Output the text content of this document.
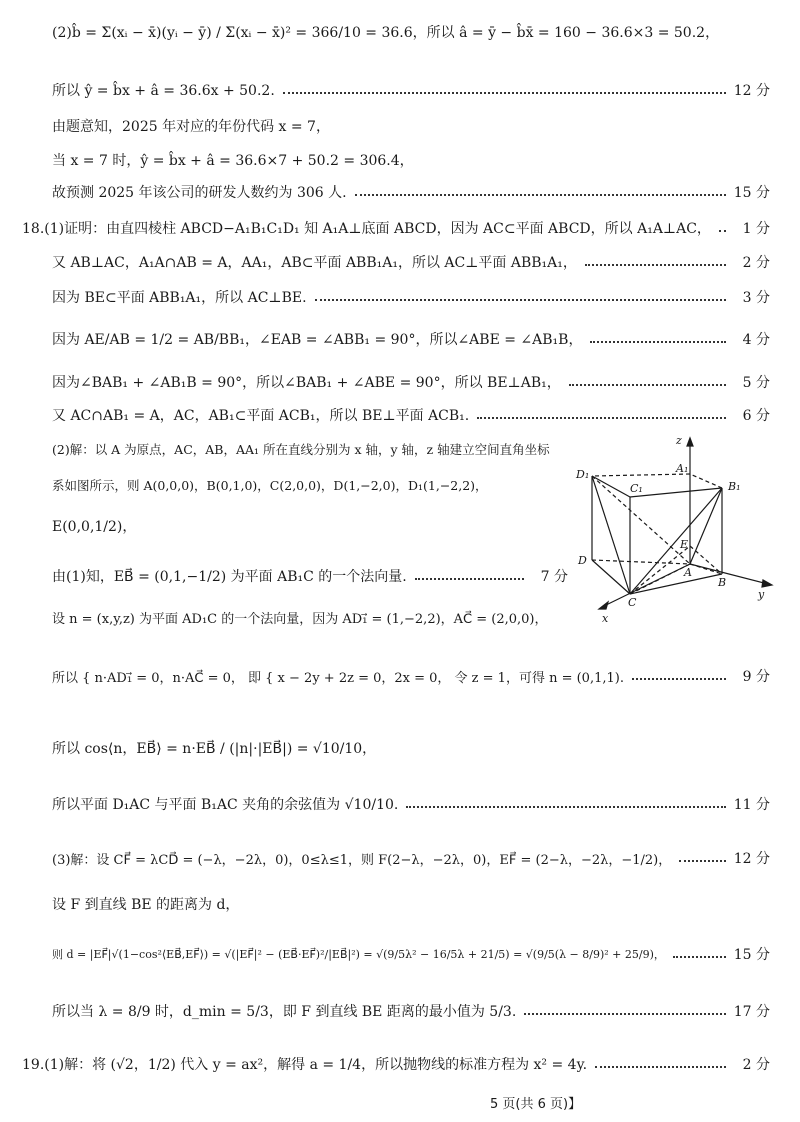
(2)b̂ = Σ(xᵢ − x̄)(yᵢ − ȳ) / Σ(xᵢ − x̄)² = 366/10 = 36.6，所以 â = ȳ − b̂x̄ = 160 − 36.6×3 = 50.2，
所以 ŷ = b̂x + â = 36.6x + 50.2.	12 分
由题意知，2025 年对应的年份代码 x = 7，
当 x = 7 时，ŷ = b̂x + â = 36.6×7 + 50.2 = 306.4，
故预测 2025 年该公司的研发人数约为 306 人.	15 分
18.(1)证明：由直四棱柱 ABCD−A₁B₁C₁D₁ 知 A₁A⊥底面 ABCD，因为 AC⊂平面 ABCD，所以 A₁A⊥AC，	1 分
又 AB⊥AC，A₁A∩AB = A，AA₁，AB⊂平面 ABB₁A₁，所以 AC⊥平面 ABB₁A₁，	2 分
因为 BE⊂平面 ABB₁A₁，所以 AC⊥BE.	3 分
因为 AE/AB = 1/2 = AB/BB₁，∠EAB = ∠ABB₁ = 90°，所以∠ABE = ∠AB₁B，	4 分
因为∠BAB₁ + ∠AB₁B = 90°，所以∠BAB₁ + ∠ABE = 90°，所以 BE⊥AB₁，	5 分
又 AC∩AB₁ = A，AC，AB₁⊂平面 ACB₁，所以 BE⊥平面 ACB₁.	6 分
(2)解：以 A 为原点，AC，AB，AA₁ 所在直线分别为 x 轴，y 轴，z 轴建立空间直角坐标
系如图所示，则 A(0,0,0)，B(0,1,0)，C(2,0,0)，D(1,−2,0)，D₁(1,−2,2)，
E(0,0,1/2)，
由(1)知，EB⃗ = (0,1,−1/2) 为平面 AB₁C 的一个法向量.	7 分
设 n = (x,y,z) 为平面 AD₁C 的一个法向量，因为 AD₁⃗ = (1,−2,2)，AC⃗ = (2,0,0)，
所以 { n·AD₁⃗ = 0，n·AC⃗ = 0， 即 { x − 2y + 2z = 0，2x = 0， 令 z = 1，可得 n = (0,1,1).	9 分
所以 cos⟨n，EB⃗⟩ = n·EB⃗ / (|n|·|EB⃗|) = √10/10，
所以平面 D₁AC 与平面 B₁AC 夹角的余弦值为 √10/10.	11 分
(3)解：设 CF⃗ = λCD⃗ = (−λ，−2λ，0)，0≤λ≤1，则 F(2−λ，−2λ，0)，EF⃗ = (2−λ，−2λ，−1/2)，	12 分
设 F 到直线 BE 的距离为 d，
则 d = |EF⃗|√(1−cos²⟨EB⃗,EF⃗⟩) = √(|EF⃗|² − (EB⃗·EF⃗)²/|EB⃗|²) = √(9/5λ² − 16/5λ + 21/5) = √(9/5(λ − 8/9)² + 25/9)，	15 分
所以当 λ = 8/9 时，d_min = 5/3，即 F 到直线 BE 距离的最小值为 5/3.	17 分
19.(1)解：将 (√2，1/2) 代入 y = ax²，解得 a = 1/4，所以抛物线的标准方程为 x² = 4y.	2 分
z
y
x
A₁
B₁
C₁
D₁
D
A
B
C
E
5 页(共 6 页)】
